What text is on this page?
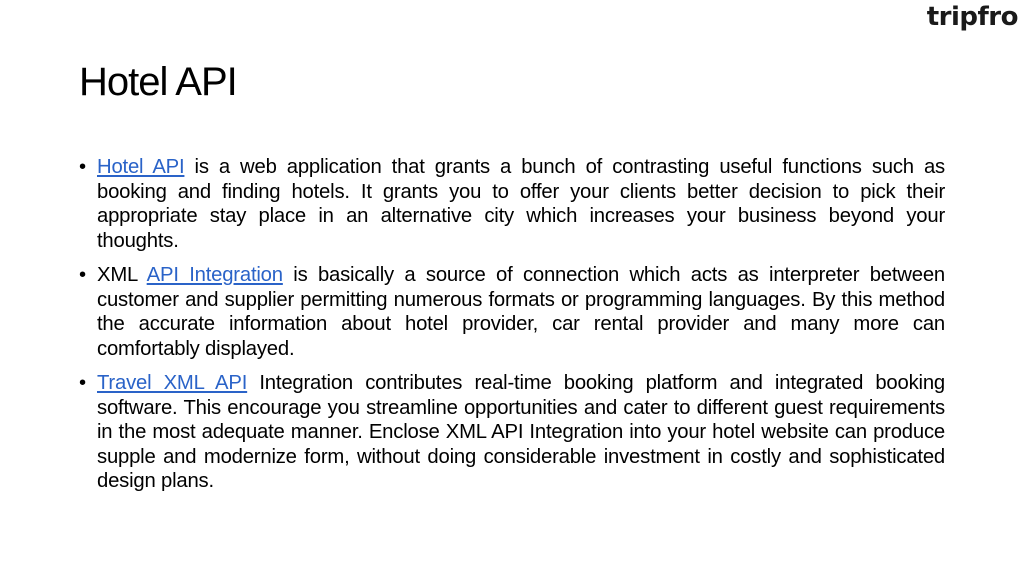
tripfro
Hotel API
• Hotel API is a web application that grants a bunch of contrasting useful functions such as booking and finding hotels. It grants you to offer your clients better decision to pick their appropriate stay place in an alternative city which increases your business beyond your thoughts.
• XML API Integration is basically a source of connection which acts as interpreter between customer and supplier permitting numerous formats or programming languages. By this method the accurate information about hotel provider, car rental provider and many more can comfortably displayed.
• Travel XML API Integration contributes real-time booking platform and integrated booking software. This encourage you streamline opportunities and cater to different guest requirements in the most adequate manner. Enclose XML API Integration into your hotel website can produce supple and modernize form, without doing considerable investment in costly and sophisticated design plans.
